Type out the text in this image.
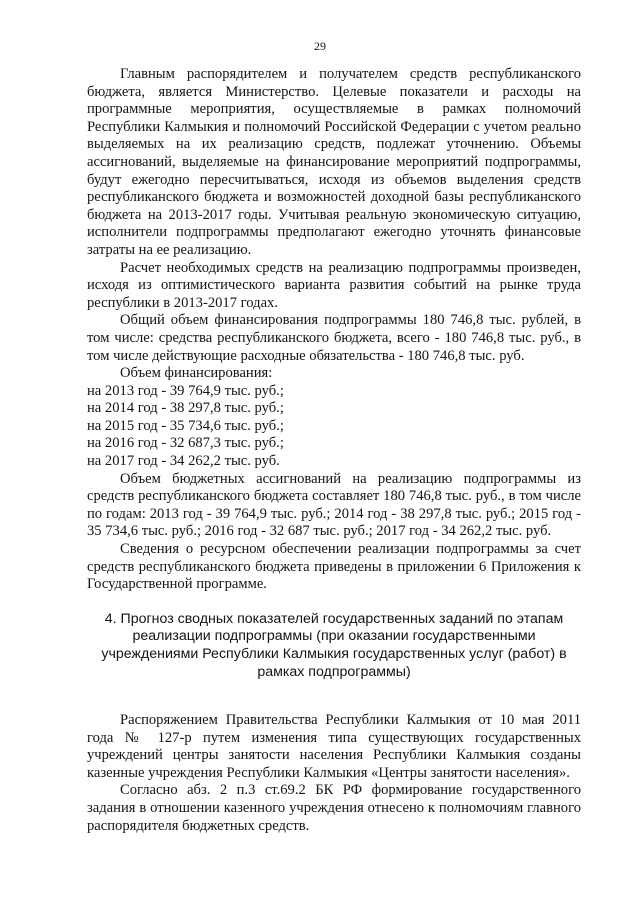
29

Главным распорядителем и получателем средств республиканского бюджета, является Министерство. Целевые показатели и расходы на программные мероприятия, осуществляемые в рамках полномочий Республики Калмыкия и полномочий Российской Федерации с учетом реально выделяемых на их реализацию средств, подлежат уточнению. Объемы ассигнований, выделяемые на финансирование мероприятий подпрограммы, будут ежегодно пересчитываться, исходя из объемов выделения средств республиканского бюджета и возможностей доходной базы республиканского бюджета на 2013-2017 годы. Учитывая реальную экономическую ситуацию, исполнители подпрограммы предполагают ежегодно уточнять финансовые затраты на ее реализацию.

Расчет необходимых средств на реализацию подпрограммы произведен, исходя из оптимистического варианта развития событий на рынке труда республики в 2013-2017 годах.

Общий объем финансирования подпрограммы 180 746,8 тыс. рублей, в том числе: средства республиканского бюджета, всего - 180 746,8 тыс. руб., в том числе действующие расходные обязательства - 180 746,8 тыс. руб.

Объем финансирования:

на 2013 год - 39 764,9 тыс. руб.;
на 2014 год - 38 297,8 тыс. руб.;
на 2015 год - 35 734,6 тыс. руб.;
на 2016 год - 32 687,3 тыс. руб.;
на 2017 год - 34 262,2 тыс. руб.

Объем бюджетных ассигнований на реализацию подпрограммы из средств республиканского бюджета составляет 180 746,8 тыс. руб., в том числе по годам: 2013 год - 39 764,9 тыс. руб.; 2014 год - 38 297,8 тыс. руб.; 2015 год - 35 734,6 тыс. руб.; 2016 год - 32 687 тыс. руб.; 2017 год - 34 262,2 тыс. руб.

Сведения о ресурсном обеспечении реализации подпрограммы за счет средств республиканского бюджета приведены в приложении 6 Приложения к Государственной программе.

4. Прогноз сводных показателей государственных заданий по этапам реализации подпрограммы (при оказании государственными учреждениями Республики Калмыкия государственных услуг (работ) в рамках подпрограммы)

Распоряжением Правительства Республики Калмыкия от 10 мая 2011 года № 127-р путем изменения типа существующих государственных учреждений центры занятости населения Республики Калмыкия созданы казенные учреждения Республики Калмыкия «Центры занятости населения».

Согласно абз. 2 п.3 ст.69.2 БК РФ формирование государственного задания в отношении казенного учреждения отнесено к полномочиям главного распорядителя бюджетных средств.
